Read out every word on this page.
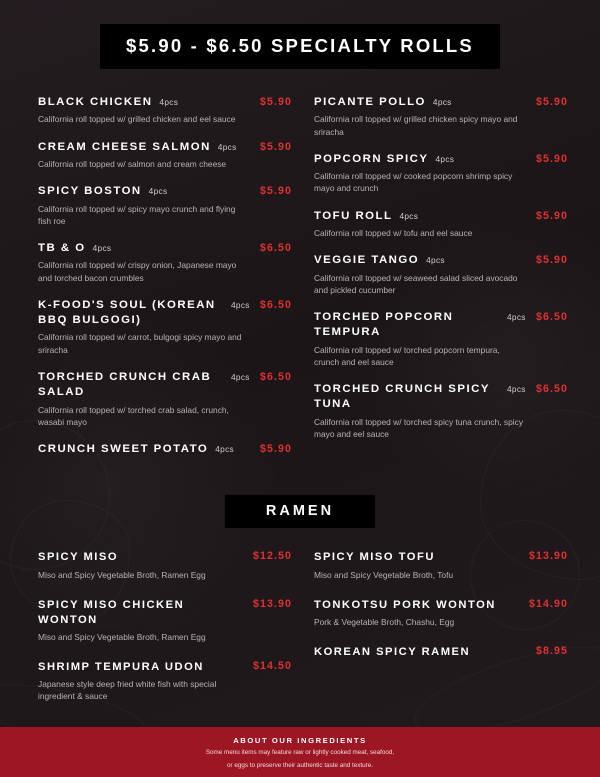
$5.90 - $6.50 SPECIALTY ROLLS
BLACK CHICKEN 4pcs	$5.90
California roll topped w/ grilled chicken and eel sauce
CREAM CHEESE SALMON 4pcs $5.90
California roll topped w/ salmon and cream cheese
SPICY BOSTON 4pcs	$5.90
California roll topped w/ spicy mayo crunch and flying fish roe
TB & O 4pcs	$6.50
California roll topped w/ crispy onion, Japanese mayo and torched bacon crumbles
K-FOOD'S SOUL (KOREAN BBQ BULGOGI)
4pcs $6.50
California roll topped w/ carrot, bulgogi spicy mayo and sriracha
TORCHED CRUNCH CRAB SALAD
4pcs $6.50
California roll topped w/ torched crab salad, crunch, wasabi mayo
CRUNCH SWEET POTATO 4pcs $5.90
PICANTE POLLO 4pcs	$5.90
California roll topped w/ grilled chicken spicy mayo and sriracha
POPCORN SPICY 4pcs	$5.90
California roll topped w/ cooked popcorn shrimp spicy mayo and crunch
TOFU ROLL 4pcs	$5.90
California roll topped w/ tofu and eel sauce
VEGGIE TANGO 4pcs	$5.90
California roll topped w/ seaweed salad sliced avocado and pickled cucumber
TORCHED POPCORN TEMPURA
4pcs $6.50
California roll topped w/ torched popcorn tempura, crunch and eel sauce
TORCHED CRUNCH SPICY TUNA
4pcs $6.50
California roll topped w/ torched spicy tuna crunch, spicy mayo and eel sauce
RAMEN
SPICY MISO	$12.50
Miso and Spicy Vegetable Broth, Ramen Egg
SPICY MISO CHICKEN WONTON
$13.90
Miso and Spicy Vegetable Broth, Ramen Egg
SHRIMP TEMPURA UDON	$14.50
Japanese style deep fried white fish with special ingredient & sauce
SPICY MISO TOFU	$13.90
Miso and Spicy Vegetable Broth, Tofu
TONKOTSU PORK WONTON	$14.90
Pork & Vegetable Broth, Chashu, Egg
KOREAN SPICY RAMEN	$8.95
ABOUT OUR INGREDIENTS
Some menu items may feature raw or lightly cooked meat, seafood,
or eggs to preserve their authentic taste and texture.
